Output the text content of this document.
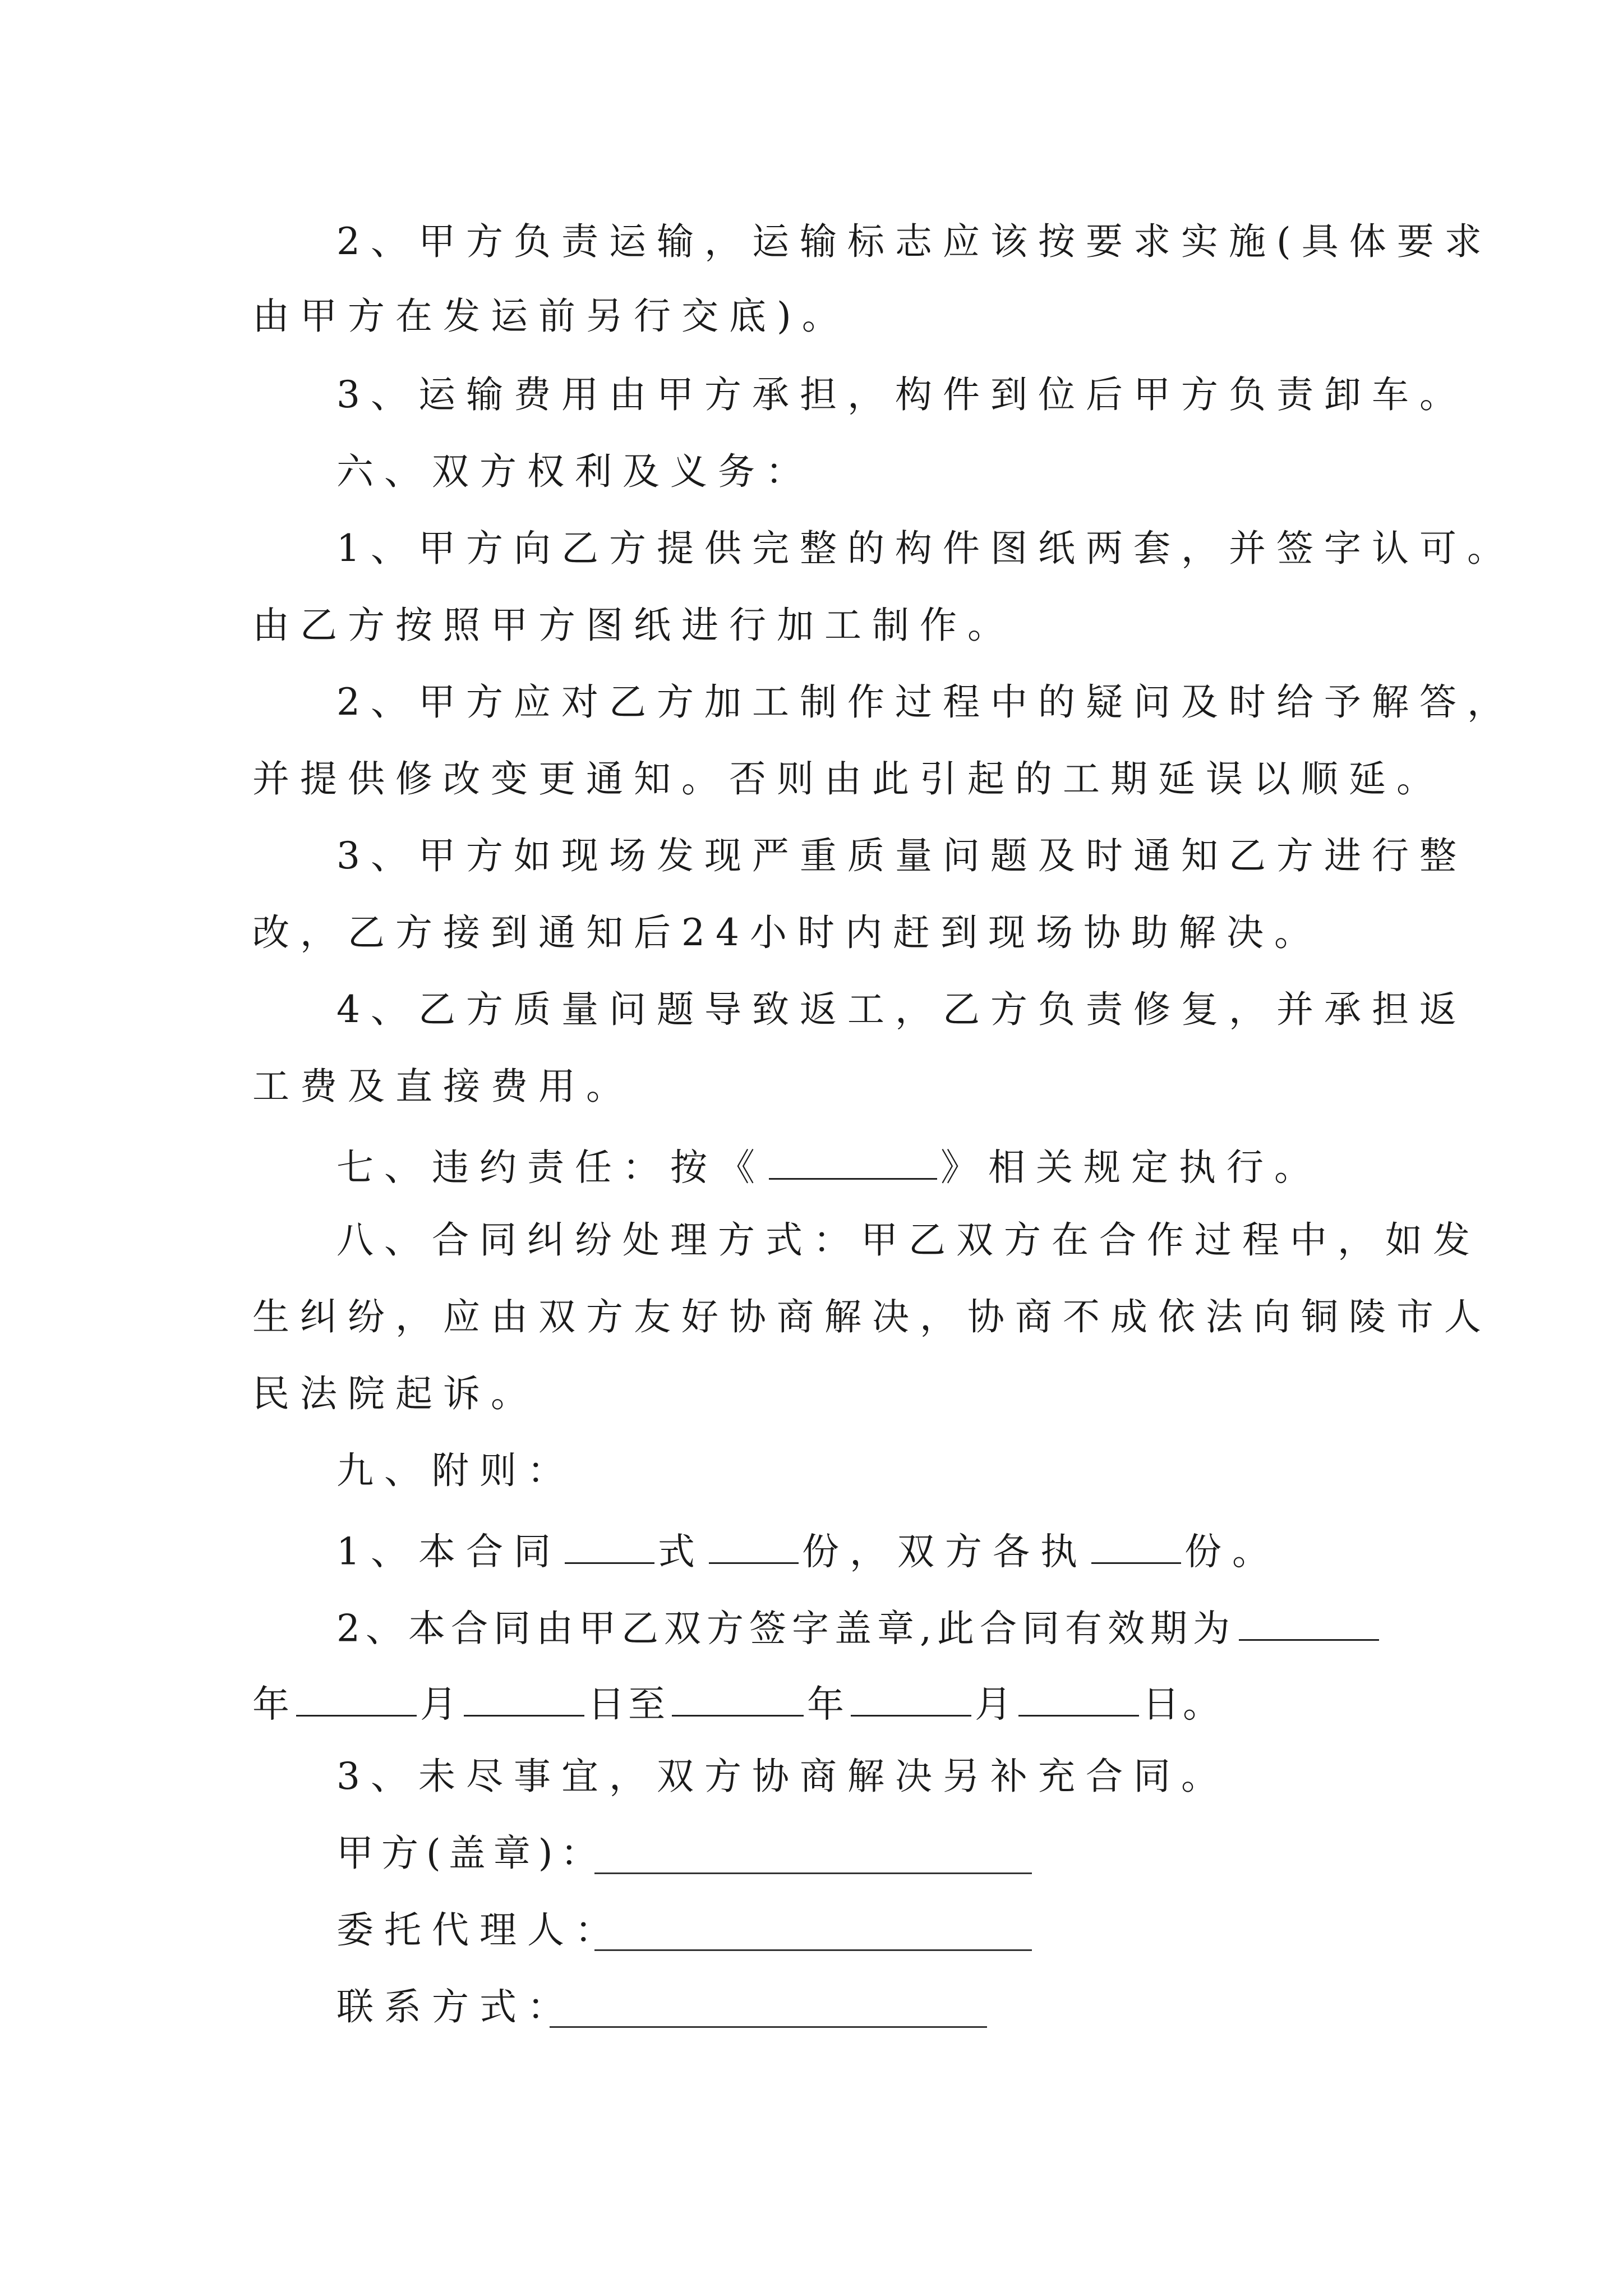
2、甲方负责运输，运输标志应该按要求实施(具体要求
由甲方在发运前另行交底)。
3、运输费用由甲方承担，构件到位后甲方负责卸车。
六、双方权利及义务：
1、甲方向乙方提供完整的构件图纸两套，并签字认可。
由乙方按照甲方图纸进行加工制作。
2、甲方应对乙方加工制作过程中的疑问及时给予解答，
并提供修改变更通知。否则由此引起的工期延误以顺延。
3、甲方如现场发现严重质量问题及时通知乙方进行整
改，乙方接到通知后24小时内赶到现场协助解决。
4、乙方质量问题导致返工，乙方负责修复，并承担返
工费及直接费用。
七、违约责任：按《	》相关规定执行。
八、合同纠纷处理方式：甲乙双方在合作过程中，如发
生纠纷，应由双方友好协商解决，协商不成依法向铜陵市人
民法院起诉。
九、附则：
1、本合同	式	份，双方各执	份。
2、本合同由甲乙双方签字盖章,此合同有效期为
年	月	日至	年	月	日。
3、未尽事宜，双方协商解决另补充合同。
甲方(盖章)：
委托代理人：
联系方式：
